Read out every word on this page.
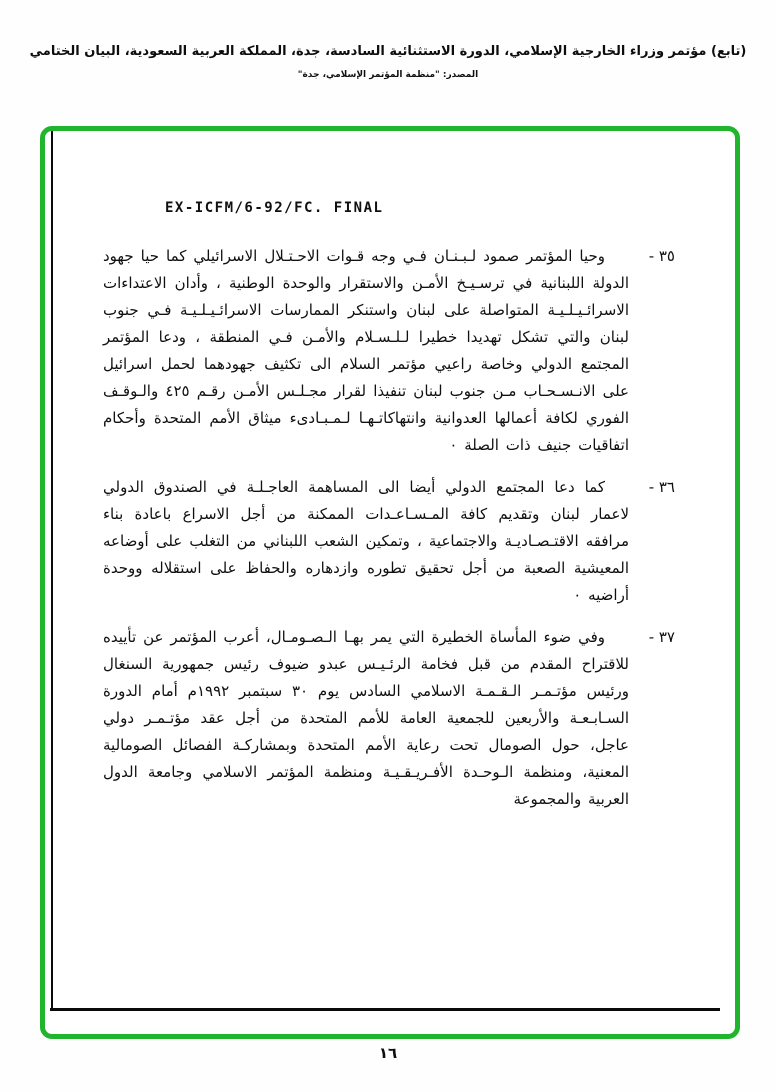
(تابع) مؤتمر وزراء الخارجية الإسلامي، الدورة الاستثنائية السادسة، جدة، المملكة العربية السعودية، البيان الختامي
المصدر: "منظمة المؤتمر الإسلامي، جدة"
EX-ICFM/6-92/FC. FINAL
٣٥ -
وحيا المؤتمر صمود لـبـنـان فـي وجه قـوات الاحـتـلال الاسرائيلي كما حيا جهود الدولة اللبنانية في ترسـيـخ الأمـن والاستقرار والوحدة الوطنية ، وأدان الاعتداءات الاسرائـيـلـيـة المتواصلة على لبنان واستنكر الممارسات الاسرائـيـلـيـة فـي جنوب لبنان والتي تشكل تهديدا خطيرا لـلـسـلام والأمـن فـي المنطقة ، ودعا المؤتمر المجتمع الدولي وخاصة راعيي مؤتمر السلام الى تكثيف جهودهما لحمل اسرائيل على الانـسـحـاب مـن جنوب لبنان تنفيذا لقرار مجـلـس الأمـن رقـم ٤٢٥ والـوقـف الفوري لكافة أعمالها العدوانية وانتهاكاتـهـا لـمـبـادىء ميثاق الأمم المتحدة وأحكام اتفاقيات جنيف ذات الصلة ٠
٣٦ -
كما دعا المجتمع الدولي أيضا الى المساهمة العاجـلـة في الصندوق الدولي لاعمار لبنان وتقديم كافة المـسـاعـدات الممكنة من أجل الاسراع باعادة بناء مرافقه الاقتـصـاديـة والاجتماعية ، وتمكين الشعب اللبناني من التغلب على أوضاعه المعيشية الصعبة من أجل تحقيق تطوره وازدهاره والحفاظ على استقلاله ووحدة أراضيه ٠
٣٧ -
وفي ضوء المأساة الخطيرة التي يمر بهـا الـصـومـال، أعرب المؤتمر عن تأييده للاقتراح المقدم من قبل فخامة الرئـيـس عبدو ضيوف رئيس جمهورية السنغال ورئيس مؤتـمـر الـقـمـة الاسلامي السادس يوم ٣٠ سبتمبر ١٩٩٢م أمام الدورة السـابـعـة والأربعين للجمعية العامة للأمم المتحدة من أجل عقد مؤتـمـر دولي عاجل، حول الصومال تحت رعاية الأمم المتحدة وبمشاركـة الفصائل الصومالية المعنية، ومنظمة الـوحـدة الأفـريـقـيـة ومنظمة المؤتمر الاسلامي وجامعة الدول العربية والمجموعة
١٦
